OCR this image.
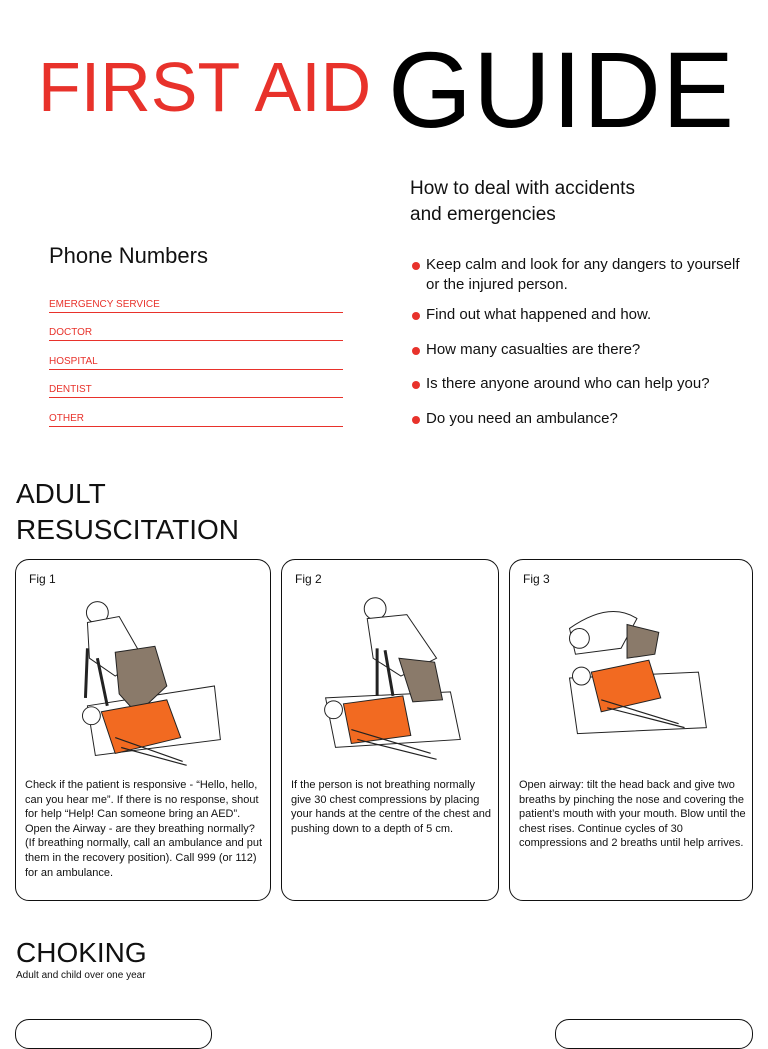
FIRST AID GUIDE
How to deal with accidents
and emergencies
Phone Numbers
EMERGENCY SERVICE
DOCTOR
HOSPITAL
DENTIST
OTHER
Keep calm and look for any dangers to yourself or the injured person.
Find out what happened and how.
How many casualties are there?
Is there anyone around who can help you?
Do you need an ambulance?
ADULT
RESUSCITATION
Fig 1
Check if the patient is responsive - “Hello, hello, can you hear me”. If there is no response, shout for help “Help! Can someone bring an AED”. Open the Airway - are they breathing normally? (If breathing normally, call an ambulance and put them in the recovery position). Call 999 (or 112) for an ambulance.
Fig 2
If the person is not breathing normally give 30 chest compressions by placing your hands at the centre of the chest and pushing down to a depth of 5 cm.
Fig 3
Open airway: tilt the head back and give two breaths by pinching the nose and covering the patient’s mouth with your mouth. Blow until the chest rises. Continue cycles of 30 compressions and 2 breaths until help arrives.
CHOKING
Adult and child over one year
